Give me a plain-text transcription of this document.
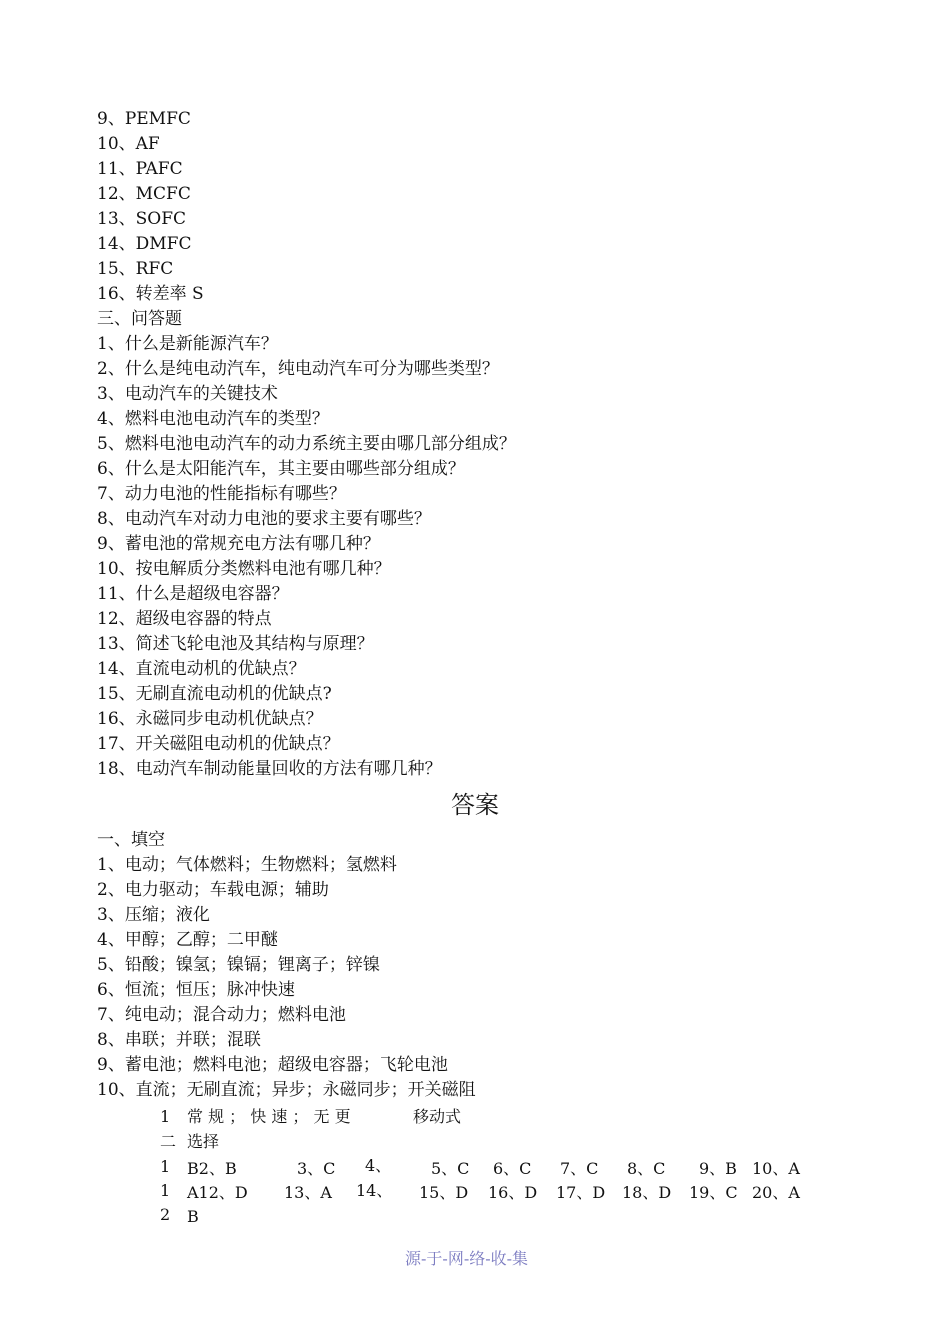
9、PEMFC
10、AF
11、PAFC
12、MCFC
13、SOFC
14、DMFC
15、RFC
16、转差率 S
三、问答题
1、什么是新能源汽车？
2、什么是纯电动汽车，纯电动汽车可分为哪些类型？
3、电动汽车的关键技术
4、燃料电池电动汽车的类型？
5、燃料电池电动汽车的动力系统主要由哪几部分组成？
6、什么是太阳能汽车，其主要由哪些部分组成？
7、动力电池的性能指标有哪些？
8、电动汽车对动力电池的要求主要有哪些？
9、蓄电池的常规充电方法有哪几种？
10、按电解质分类燃料电池有哪几种？
11、什么是超级电容器？
12、超级电容器的特点
13、简述飞轮电池及其结构与原理？
14、直流电动机的优缺点？
15、无刷直流电动机的优缺点?
16、永磁同步电动机优缺点？
17、开关磁阻电动机的优缺点？
18、电动汽车制动能量回收的方法有哪几种？
答案
一、填空
1、电动；气体燃料；生物燃料；氢燃料
2、电力驱动；车载电源；辅助
3、压缩；液化
4、甲醇；乙醇；二甲醚
5、铅酸；镍氢；镍镉；锂离子；锌镍
6、恒流；恒压；脉冲快速
7、纯电动；混合动力；燃料电池
8、串联；并联；混联
9、蓄电池；燃料电池；超级电容器；飞轮电池
10、直流；无刷直流；异步；永磁同步；开关磁阻
1 常 规 ； 快 速 ； 无 更	移动式
二 选择
1 B2、B	3、C 4、 5、C 6、C 7、C 8、C 9、B 10、A
1 A12、D 13、A 14、 15、D 16、D 17、D 18、D 19、C 20、A
2 B
源-于-网-络-收-集
